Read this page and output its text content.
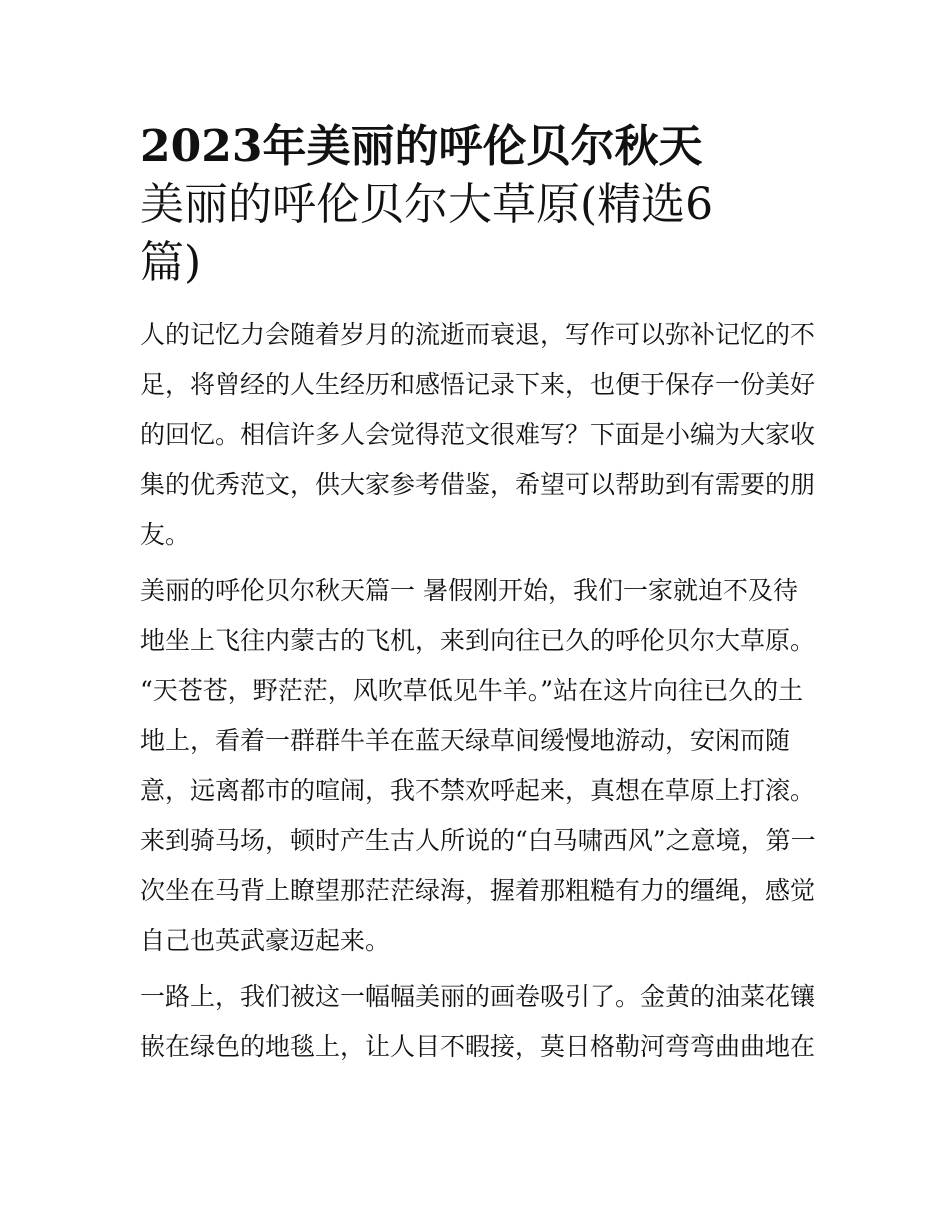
2023年美丽的呼伦贝尔秋天
美丽的呼伦贝尔大草原(精选6
篇)
人的记忆力会随着岁月的流逝而衰退，写作可以弥补记忆的不
足，将曾经的人生经历和感悟记录下来，也便于保存一份美好
的回忆。相信许多人会觉得范文很难写？下面是小编为大家收
集的优秀范文，供大家参考借鉴，希望可以帮助到有需要的朋
友。
美丽的呼伦贝尔秋天篇一 暑假刚开始，我们一家就迫不及待
地坐上飞往内蒙古的飞机，来到向往已久的呼伦贝尔大草原。
“天苍苍，野茫茫，风吹草低见牛羊。”站在这片向往已久的土
地上，看着一群群牛羊在蓝天绿草间缓慢地游动，安闲而随
意，远离都市的喧闹，我不禁欢呼起来，真想在草原上打滚。
来到骑马场，顿时产生古人所说的“白马啸西风”之意境，第一
次坐在马背上瞭望那茫茫绿海，握着那粗糙有力的缰绳，感觉
自己也英武豪迈起来。
一路上，我们被这一幅幅美丽的画卷吸引了。金黄的油菜花镶
嵌在绿色的地毯上，让人目不暇接，莫日格勒河弯弯曲曲地在
